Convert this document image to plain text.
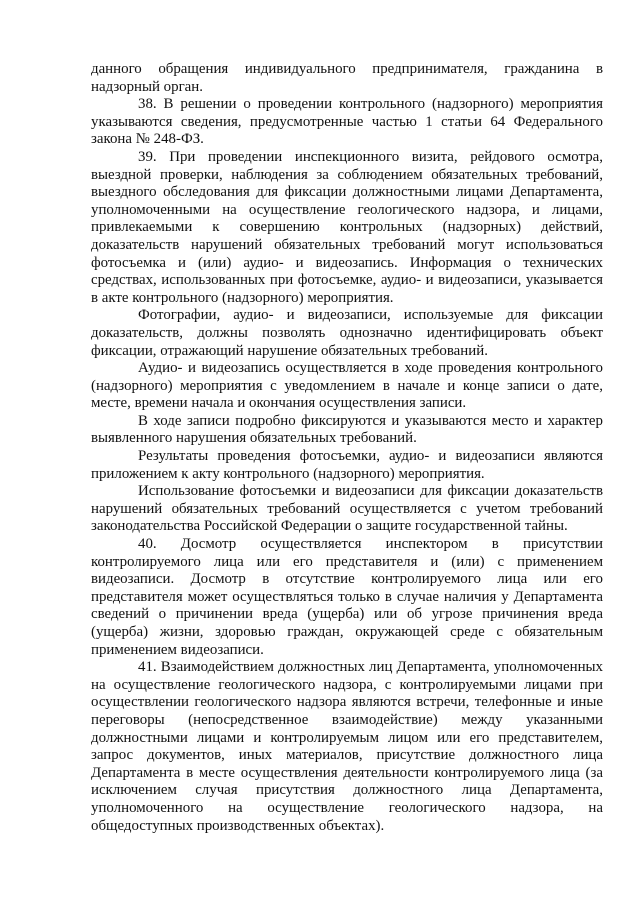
данного обращения индивидуального предпринимателя, гражданина в надзорный орган.

38. В решении о проведении контрольного (надзорного) мероприятия указываются сведения, предусмотренные частью 1 статьи 64 Федерального закона № 248-ФЗ.

39. При проведении инспекционного визита, рейдового осмотра, выездной проверки, наблюдения за соблюдением обязательных требований, выездного обследования для фиксации должностными лицами Департамента, уполномоченными на осуществление геологического надзора, и лицами, привлекаемыми к совершению контрольных (надзорных) действий, доказательств нарушений обязательных требований могут использоваться фотосъемка и (или) аудио- и видеозапись. Информация о технических средствах, использованных при фотосъемке, аудио- и видеозаписи, указывается в акте контрольного (надзорного) мероприятия.

Фотографии, аудио- и видеозаписи, используемые для фиксации доказательств, должны позволять однозначно идентифицировать объект фиксации, отражающий нарушение обязательных требований.

Аудио- и видеозапись осуществляется в ходе проведения контрольного (надзорного) мероприятия с уведомлением в начале и конце записи о дате, месте, времени начала и окончания осуществления записи.

В ходе записи подробно фиксируются и указываются место и характер выявленного нарушения обязательных требований.

Результаты проведения фотосъемки, аудио- и видеозаписи являются приложением к акту контрольного (надзорного) мероприятия.

Использование фотосъемки и видеозаписи для фиксации доказательств нарушений обязательных требований осуществляется с учетом требований законодательства Российской Федерации о защите государственной тайны.

40. Досмотр осуществляется инспектором в присутствии контролируемого лица или его представителя и (или) с применением видеозаписи. Досмотр в отсутствие контролируемого лица или его представителя может осуществляться только в случае наличия у Департамента сведений о причинении вреда (ущерба) или об угрозе причинения вреда (ущерба) жизни, здоровью граждан, окружающей среде с обязательным применением видеозаписи.

41. Взаимодействием должностных лиц Департамента, уполномоченных на осуществление геологического надзора, с контролируемыми лицами при осуществлении геологического надзора являются встречи, телефонные и иные переговоры (непосредственное взаимодействие) между указанными должностными лицами и контролируемым лицом или его представителем, запрос документов, иных материалов, присутствие должностного лица Департамента в месте осуществления деятельности контролируемого лица (за исключением случая присутствия должностного лица Департамента, уполномоченного на осуществление геологического надзора, на общедоступных производственных объектах).
